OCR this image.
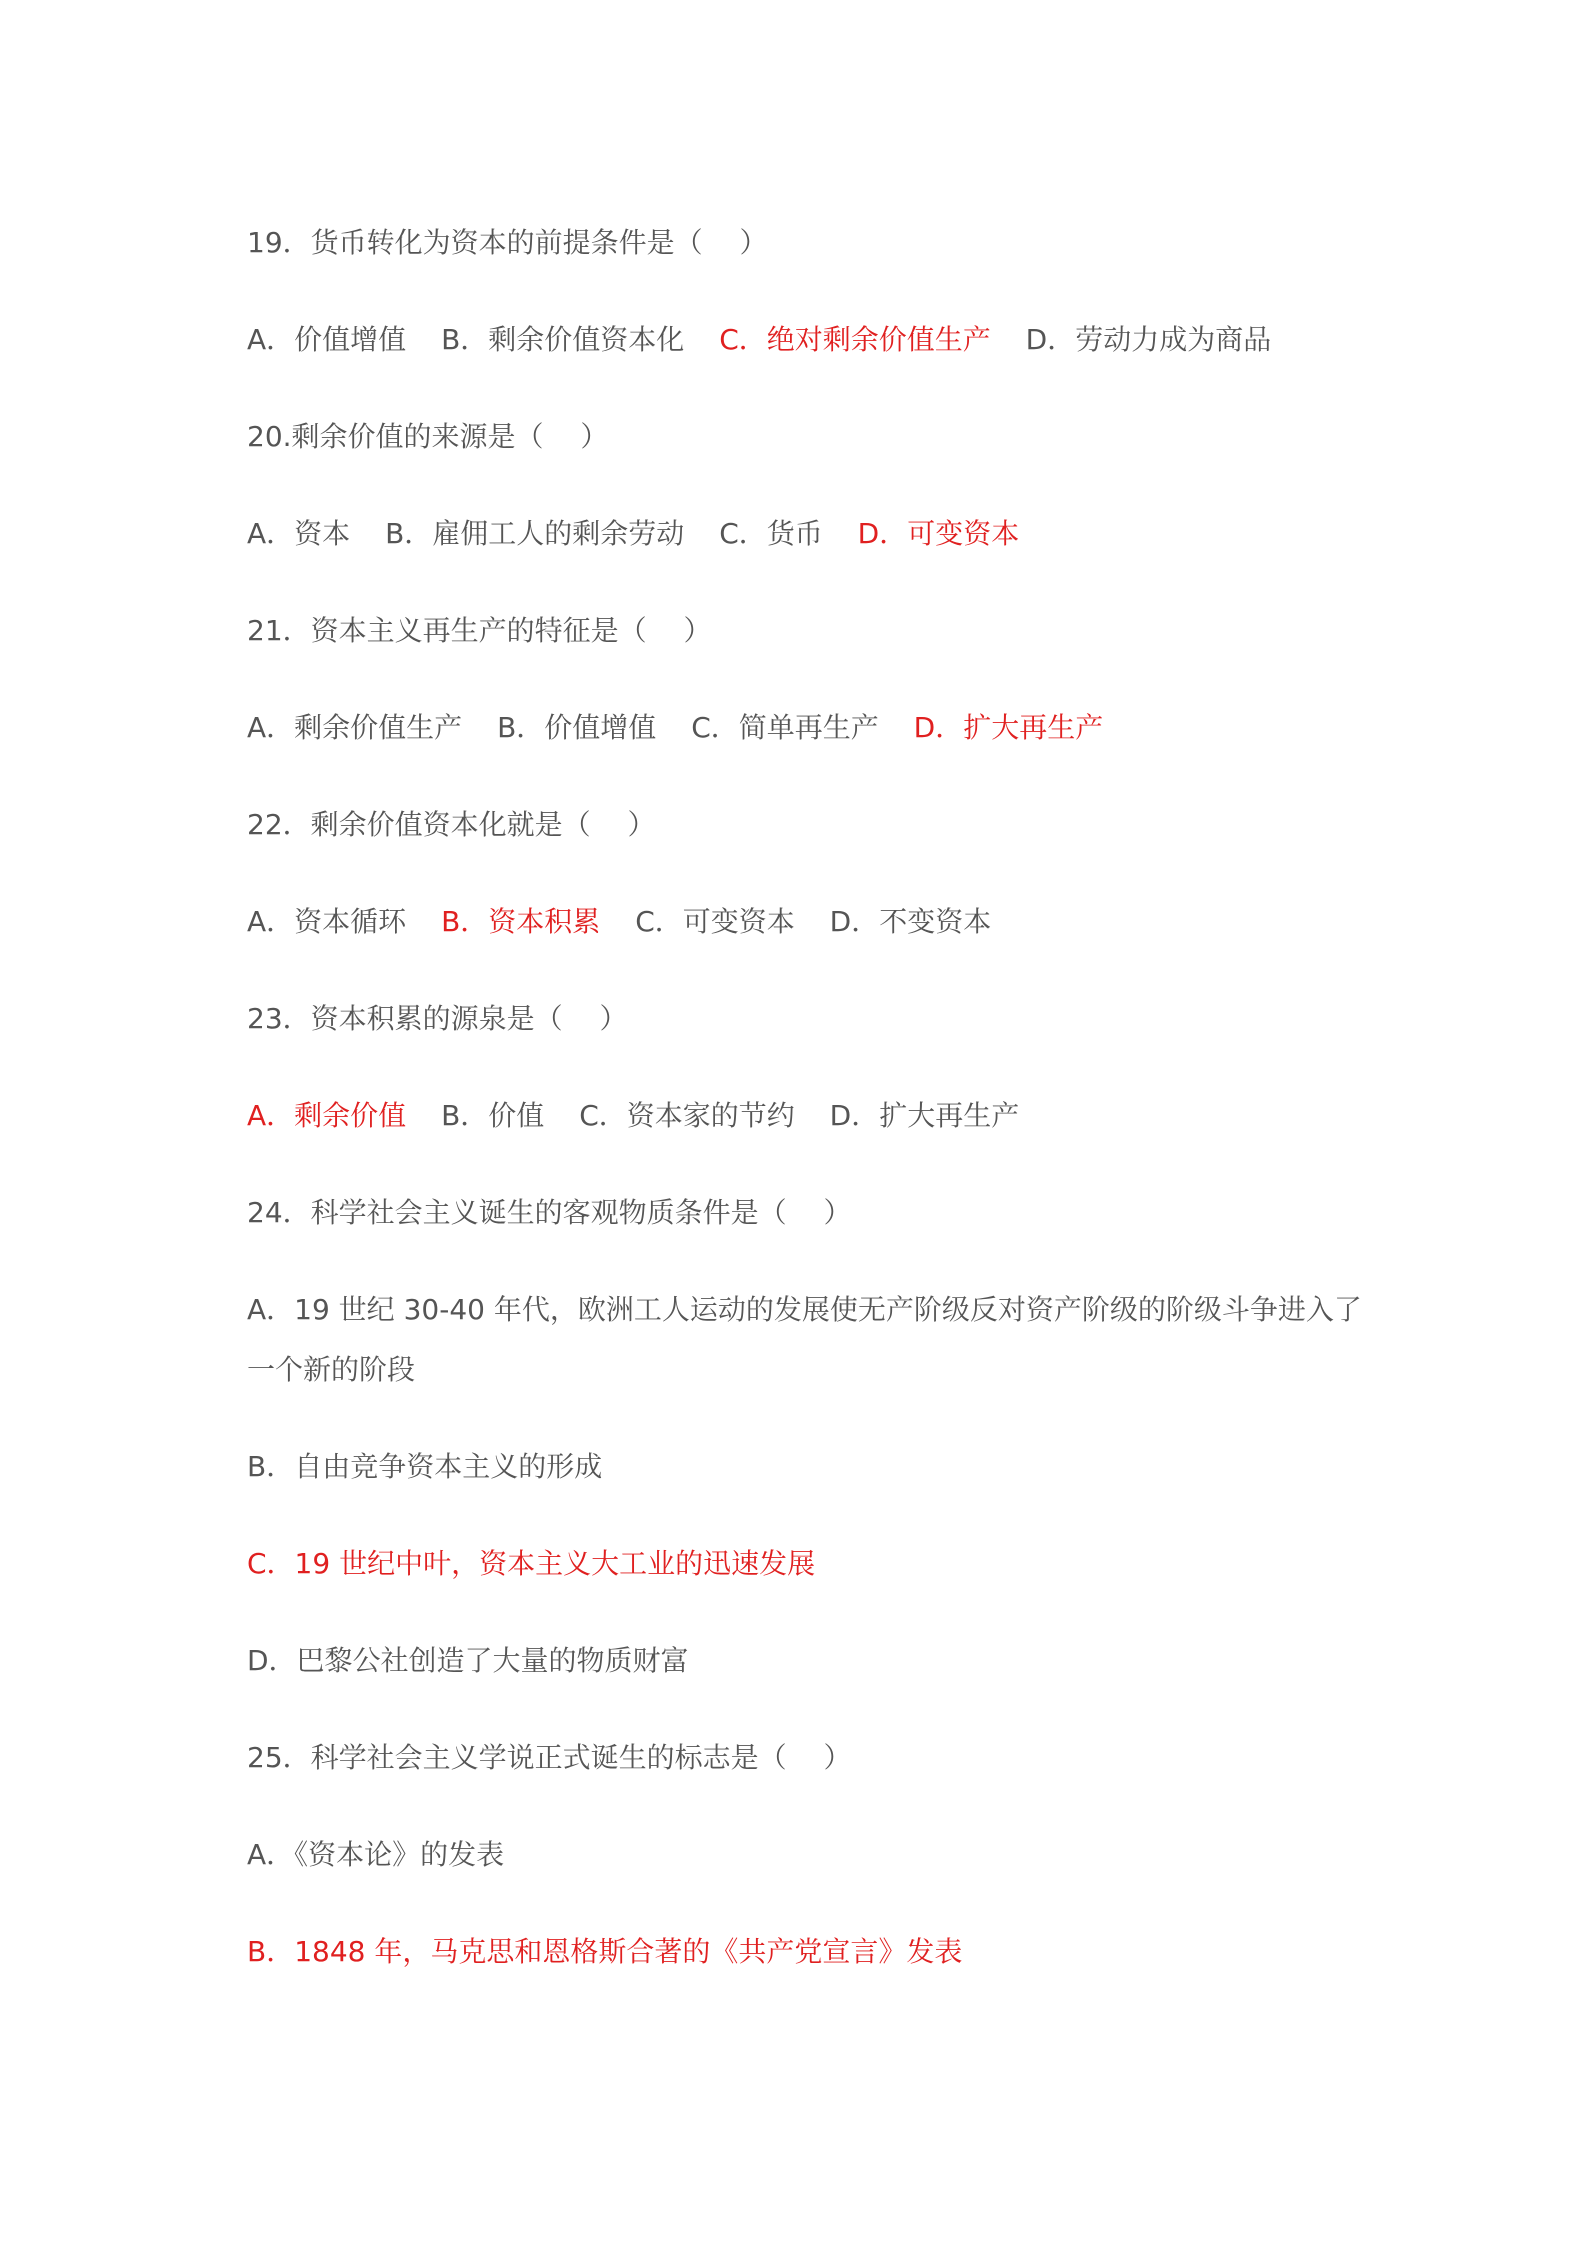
19．货币转化为资本的前提条件是（　 ）
A．价值增值 B．剩余价值资本化 C．绝对剩余价值生产 D．劳动力成为商品
20.剩余价值的来源是（　 ）
A．资本 B．雇佣工人的剩余劳动 C．货币 D．可变资本
21．资本主义再生产的特征是（　 ）
A．剩余价值生产 B．价值增值 C．简单再生产 D．扩大再生产
22．剩余价值资本化就是（　 ）
A．资本循环 B．资本积累 C．可变资本 D．不变资本
23．资本积累的源泉是（　 ）
A．剩余价值 B．价值 C．资本家的节约 D．扩大再生产
24．科学社会主义诞生的客观物质条件是（　 ）
A．19 世纪 30-40 年代，欧洲工人运动的发展使无产阶级反对资产阶级的阶级斗争进入了
一个新的阶段
B．自由竞争资本主义的形成
C．19 世纪中叶，资本主义大工业的迅速发展
D．巴黎公社创造了大量的物质财富
25．科学社会主义学说正式诞生的标志是（　 ）
A．《资本论》的发表
B．1848 年，马克思和恩格斯合著的《共产党宣言》发表
